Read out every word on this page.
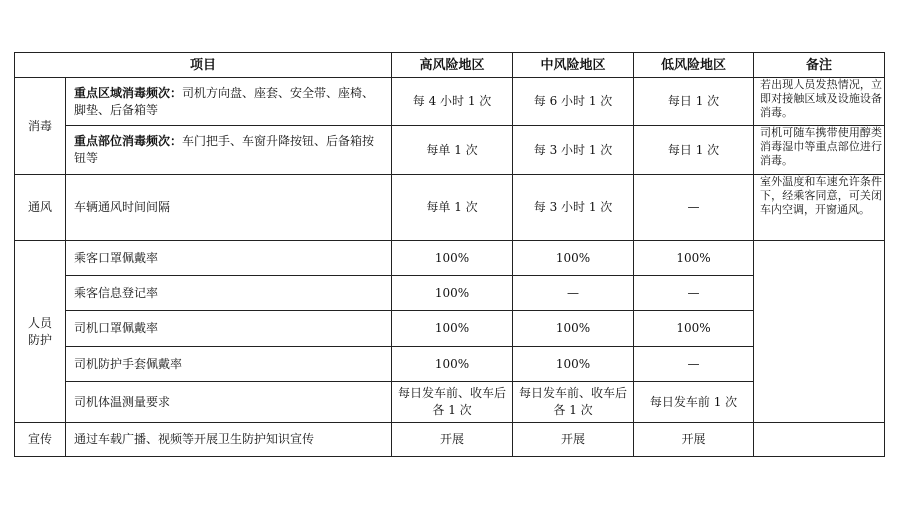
项目		高风险地区	中风险地区	低风险地区	备注
消毒	重点区域消毒频次：司机方向盘、座套、安全带、座椅、脚垫、后备箱等	每 4 小时 1 次	每 6 小时 1 次	每日 1 次	若出现人员发热情况，立即对接触区域及设施设备消毒。
	重点部位消毒频次：车门把手、车窗升降按钮、后备箱按钮等	每单 1 次	每 3 小时 1 次	每日 1 次	司机可随车携带使用醇类消毒湿巾等重点部位进行消毒。
通风	车辆通风时间间隔	每单 1 次	每 3 小时 1 次	—	室外温度和车速允许条件下，经乘客同意，可关闭车内空调，开窗通风。
人员防护	乘客口罩佩戴率	100%	100%	100%	
	乘客信息登记率	100%	—	—	
	司机口罩佩戴率	100%	100%	100%	
	司机防护手套佩戴率	100%	100%	—	
	司机体温测量要求	每日发车前、收车后各 1 次	每日发车前、收车后各 1 次	每日发车前 1 次	
宣传	通过车载广播、视频等开展卫生防护知识宣传	开展	开展	开展	
